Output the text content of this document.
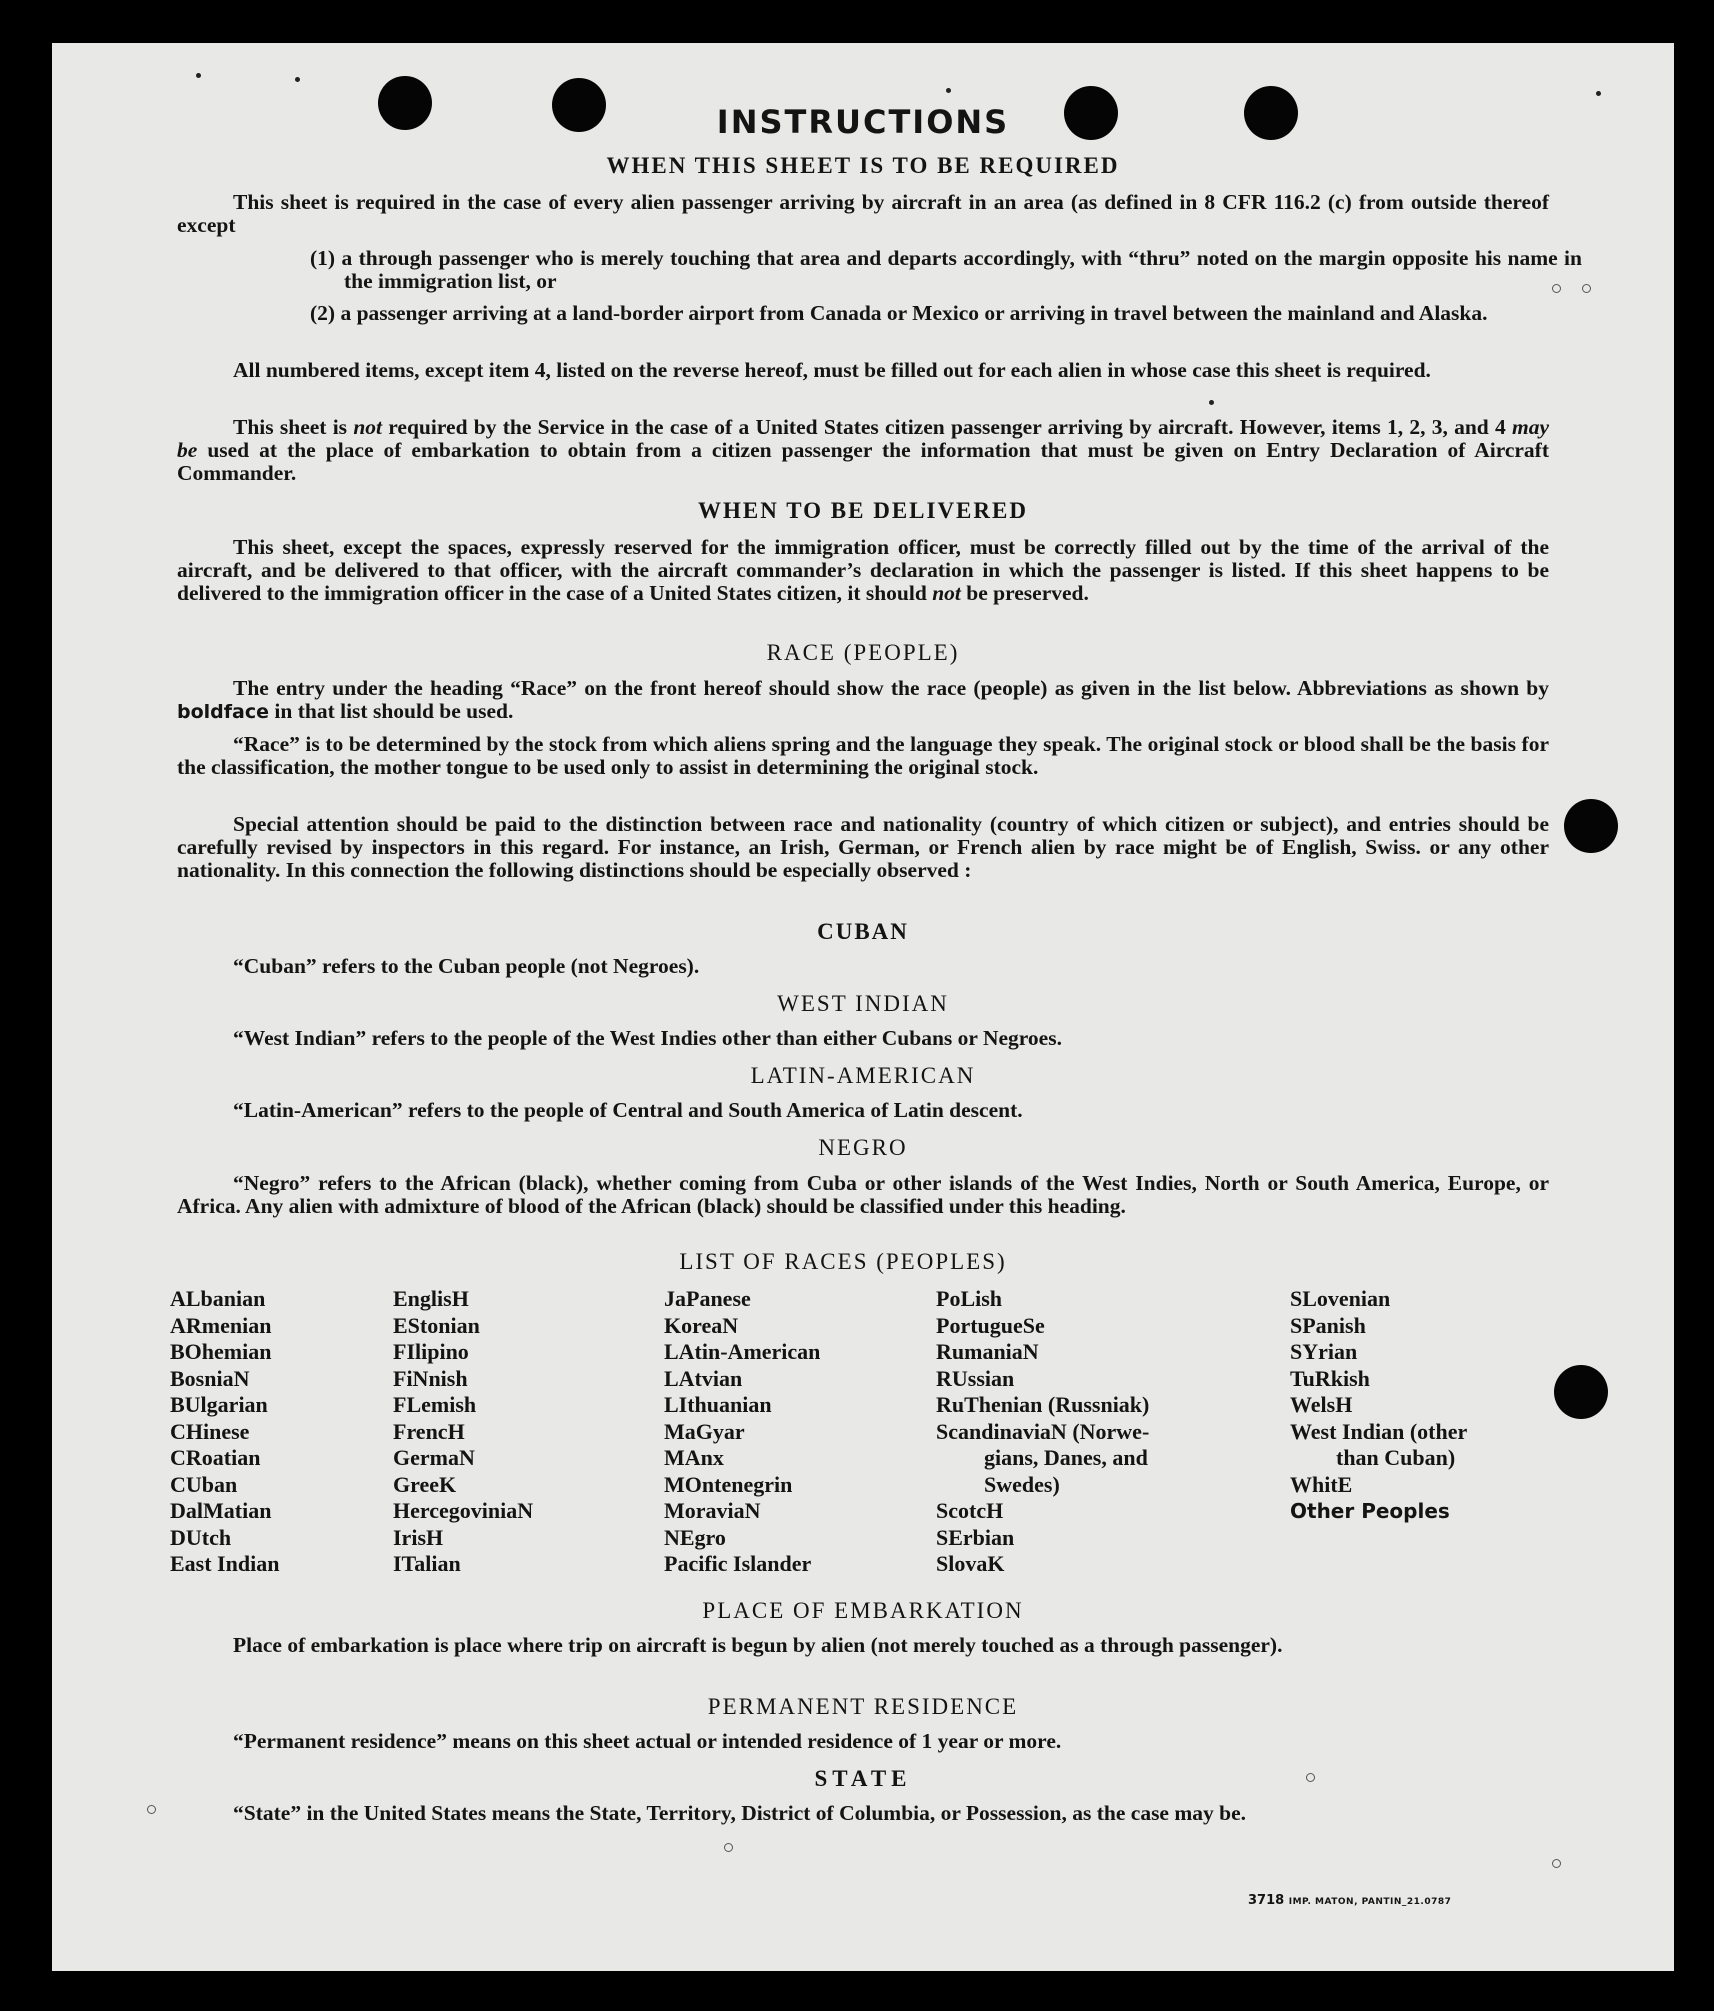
INSTRUCTIONS
WHEN THIS SHEET IS TO BE REQUIRED
This sheet is required in the case of every alien passenger arriving by aircraft in an area (as defined in 8 CFR 116.2 (c) from outside thereof except
(1) a through passenger who is merely touching that area and departs accordingly, with “thru” noted on the margin opposite his name in the immigration list, or
(2) a passenger arriving at a land-border airport from Canada or Mexico or arriving in travel between the mainland and Alaska.
All numbered items, except item 4, listed on the reverse hereof, must be filled out for each alien in whose case this sheet is required.
This sheet is not required by the Service in the case of a United States citizen passenger arriving by aircraft. However, items 1, 2, 3, and 4 may be used at the place of embarkation to obtain from a citizen passenger the information that must be given on Entry Declaration of Aircraft Commander.
WHEN TO BE DELIVERED
This sheet, except the spaces, expressly reserved for the immigration officer, must be correctly filled out by the time of the arrival of the aircraft, and be delivered to that officer, with the aircraft commander’s declaration in which the passenger is listed. If this sheet happens to be delivered to the immigration officer in the case of a United States citizen, it should not be preserved.
RACE (PEOPLE)
The entry under the heading “Race” on the front hereof should show the race (people) as given in the list below. Abbreviations as shown by boldface in that list should be used.
“Race” is to be determined by the stock from which aliens spring and the language they speak. The original stock or blood shall be the basis for the classification, the mother tongue to be used only to assist in determining the original stock.
Special attention should be paid to the distinction between race and nationality (country of which citizen or subject), and entries should be carefully revised by inspectors in this regard. For instance, an Irish, German, or French alien by race might be of English, Swiss. or any other nationality. In this connection the following distinctions should be especially observed :
CUBAN
“Cuban” refers to the Cuban people (not Negroes).
WEST INDIAN
“West Indian” refers to the people of the West Indies other than either Cubans or Negroes.
LATIN-AMERICAN
“Latin-American” refers to the people of Central and South America of Latin descent.
NEGRO
“Negro” refers to the African (black), whether coming from Cuba or other islands of the West Indies, North or South America, Europe, or Africa. Any alien with admixture of blood of the African (black) should be classified under this heading.
LIST OF RACES (PEOPLES)
ALbanian
ARmenian
BOhemian
BosniaN
BUlgarian
CHinese
CRoatian
CUban
DalMatian
DUtch
East Indian
EnglisH
EStonian
FIlipino
FiNnish
FLemish
FrencH
GermaN
GreeK
HercegoviniaN
IrisH
ITalian
JaPanese
KoreaN
LAtin-American
LAtvian
LIthuanian
MaGyar
MAnx
MOntenegrin
MoraviaN
NEgro
Pacific Islander
PoLish
PortugueSe
RumaniaN
RUssian
RuThenian (Russniak)
ScandinaviaN (Norwe-
gians, Danes, and
Swedes)
ScotcH
SErbian
SlovaK
SLovenian
SPanish
SYrian
TuRkish
WelsH
West Indian (other
than Cuban)
WhitE
Other Peoples
PLACE OF EMBARKATION
Place of embarkation is place where trip on aircraft is begun by alien (not merely touched as a through passenger).
PERMANENT RESIDENCE
“Permanent residence” means on this sheet actual or intended residence of 1 year or more.
STATE
“State” in the United States means the State, Territory, District of Columbia, or Possession, as the case may be.
3718 IMP. MATON, PANTIN_21.0787
